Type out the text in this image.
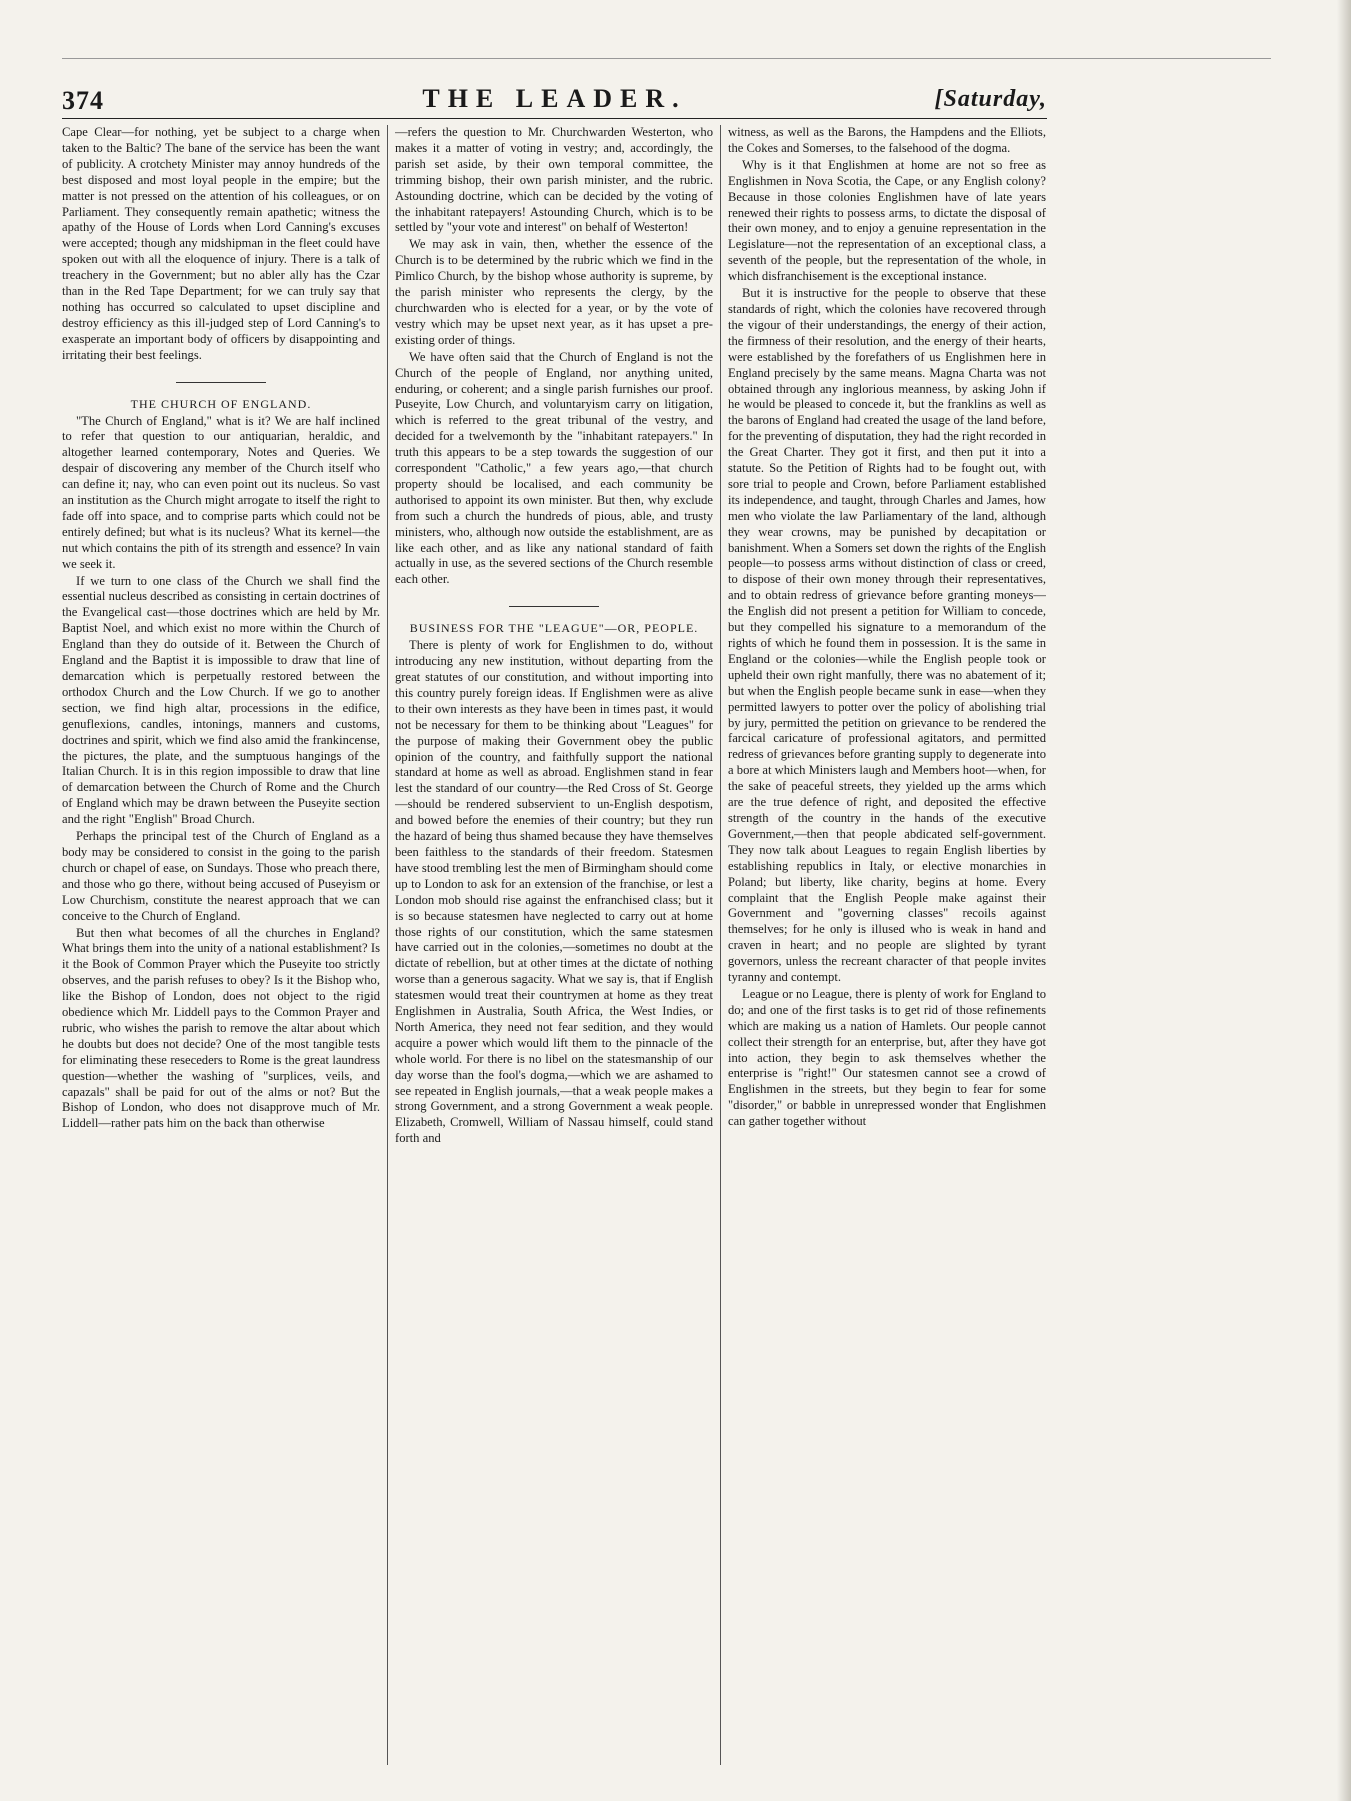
374	THE LEADER.	[Saturday,

Cape Clear—for nothing, yet be subject to a charge when taken to the Baltic? The bane of the service has been the want of publicity. A crotchety Minister may annoy hundreds of the best disposed and most loyal people in the empire; but the matter is not pressed on the attention of his colleagues, or on Parliament. They consequently remain apathetic; witness the apathy of the House of Lords when Lord Canning's excuses were accepted; though any midshipman in the fleet could have spoken out with all the eloquence of injury. There is a talk of treachery in the Government; but no abler ally has the Czar than in the Red Tape Department; for we can truly say that nothing has occurred so calculated to upset discipline and destroy efficiency as this ill-judged step of Lord Canning's to exasperate an important body of officers by disappointing and irritating their best feelings.

THE CHURCH OF ENGLAND.

"The Church of England," what is it? We are half inclined to refer that question to our antiquarian, heraldic, and altogether learned contemporary, Notes and Queries. We despair of discovering any member of the Church itself who can define it; nay, who can even point out its nucleus. So vast an institution as the Church might arrogate to itself the right to fade off into space, and to comprise parts which could not be entirely defined; but what is its nucleus? What its kernel—the nut which contains the pith of its strength and essence? In vain we seek it.

If we turn to one class of the Church we shall find the essential nucleus described as consisting in certain doctrines of the Evangelical cast—those doctrines which are held by Mr. Baptist Noel, and which exist no more within the Church of England than they do outside of it. Between the Church of England and the Baptist it is impossible to draw that line of demarcation which is perpetually restored between the orthodox Church and the Low Church. If we go to another section, we find high altar, processions in the edifice, genuflexions, candles, intonings, manners and customs, doctrines and spirit, which we find also amid the frankincense, the pictures, the plate, and the sumptuous hangings of the Italian Church. It is in this region impossible to draw that line of demarcation between the Church of Rome and the Church of England which may be drawn between the Puseyite section and the right "English" Broad Church.

Perhaps the principal test of the Church of England as a body may be considered to consist in the going to the parish church or chapel of ease, on Sundays. Those who preach there, and those who go there, without being accused of Puseyism or Low Churchism, constitute the nearest approach that we can conceive to the Church of England.

But then what becomes of all the churches in England? What brings them into the unity of a national establishment? Is it the Book of Common Prayer which the Puseyite too strictly observes, and the parish refuses to obey? Is it the Bishop who, like the Bishop of London, does not object to the rigid obedience which Mr. Liddell pays to the Common Prayer and rubric, who wishes the parish to remove the altar about which he doubts but does not decide? One of the most tangible tests for eliminating these reseceders to Rome is the great laundress question—whether the washing of "surplices, veils, and capazals" shall be paid for out of the alms or not? But the Bishop of London, who does not disapprove much of Mr. Liddell—rather pats him on the back than otherwise

—refers the question to Mr. Churchwarden Westerton, who makes it a matter of voting in vestry; and, accordingly, the parish set aside, by their own temporal committee, the trimming bishop, their own parish minister, and the rubric. Astounding doctrine, which can be decided by the voting of the inhabitant ratepayers! Astounding Church, which is to be settled by "your vote and interest" on behalf of Westerton!

We may ask in vain, then, whether the essence of the Church is to be determined by the rubric which we find in the Pimlico Church, by the bishop whose authority is supreme, by the parish minister who represents the clergy, by the churchwarden who is elected for a year, or by the vote of vestry which may be upset next year, as it has upset a pre-existing order of things.

We have often said that the Church of England is not the Church of the people of England, nor anything united, enduring, or coherent; and a single parish furnishes our proof. Puseyite, Low Church, and voluntaryism carry on litigation, which is referred to the great tribunal of the vestry, and decided for a twelvemonth by the "inhabitant ratepayers." In truth this appears to be a step towards the suggestion of our correspondent "Catholic," a few years ago,—that church property should be localised, and each community be authorised to appoint its own minister. But then, why exclude from such a church the hundreds of pious, able, and trusty ministers, who, although now outside the establishment, are as like each other, and as like any national standard of faith actually in use, as the severed sections of the Church resemble each other.

BUSINESS FOR THE "LEAGUE"—OR, PEOPLE.

There is plenty of work for Englishmen to do, without introducing any new institution, without departing from the great statutes of our constitution, and without importing into this country purely foreign ideas. If Englishmen were as alive to their own interests as they have been in times past, it would not be necessary for them to be thinking about "Leagues" for the purpose of making their Government obey the public opinion of the country, and faithfully support the national standard at home as well as abroad. Englishmen stand in fear lest the standard of our country—the Red Cross of St. George—should be rendered subservient to un-English despotism, and bowed before the enemies of their country; but they run the hazard of being thus shamed because they have themselves been faithless to the standards of their freedom. Statesmen have stood trembling lest the men of Birmingham should come up to London to ask for an extension of the franchise, or lest a London mob should rise against the enfranchised class; but it is so because statesmen have neglected to carry out at home those rights of our constitution, which the same statesmen have carried out in the colonies,—sometimes no doubt at the dictate of rebellion, but at other times at the dictate of nothing worse than a generous sagacity. What we say is, that if English statesmen would treat their countrymen at home as they treat Englishmen in Australia, South Africa, the West Indies, or North America, they need not fear sedition, and they would acquire a power which would lift them to the pinnacle of the whole world. For there is no libel on the statesmanship of our day worse than the fool's dogma,—which we are ashamed to see repeated in English journals,—that a weak people makes a strong Government, and a strong Government a weak people. Elizabeth, Cromwell, William of Nassau himself, could stand forth and

witness, as well as the Barons, the Hampdens and the Elliots, the Cokes and Somerses, to the falsehood of the dogma.

Why is it that Englishmen at home are not so free as Englishmen in Nova Scotia, the Cape, or any English colony? Because in those colonies Englishmen have of late years renewed their rights to possess arms, to dictate the disposal of their own money, and to enjoy a genuine representation in the Legislature—not the representation of an exceptional class, a seventh of the people, but the representation of the whole, in which disfranchisement is the exceptional instance.

But it is instructive for the people to observe that these standards of right, which the colonies have recovered through the vigour of their understandings, the energy of their action, the firmness of their resolution, and the energy of their hearts, were established by the forefathers of us Englishmen here in England precisely by the same means. Magna Charta was not obtained through any inglorious meanness, by asking John if he would be pleased to concede it, but the franklins as well as the barons of England had created the usage of the land before, for the preventing of disputation, they had the right recorded in the Great Charter. They got it first, and then put it into a statute. So the Petition of Rights had to be fought out, with sore trial to people and Crown, before Parliament established its independence, and taught, through Charles and James, how men who violate the law Parliamentary of the land, although they wear crowns, may be punished by decapitation or banishment. When a Somers set down the rights of the English people—to possess arms without distinction of class or creed, to dispose of their own money through their representatives, and to obtain redress of grievance before granting moneys—the English did not present a petition for William to concede, but they compelled his signature to a memorandum of the rights of which he found them in possession. It is the same in England or the colonies—while the English people took or upheld their own right manfully, there was no abatement of it; but when the English people became sunk in ease—when they permitted lawyers to potter over the policy of abolishing trial by jury, permitted the petition on grievance to be rendered the farcical caricature of professional agitators, and permitted redress of grievances before granting supply to degenerate into a bore at which Ministers laugh and Members hoot—when, for the sake of peaceful streets, they yielded up the arms which are the true defence of right, and deposited the effective strength of the country in the hands of the executive Government,—then that people abdicated self-government. They now talk about Leagues to regain English liberties by establishing republics in Italy, or elective monarchies in Poland; but liberty, like charity, begins at home. Every complaint that the English People make against their Government and "governing classes" recoils against themselves; for he only is illused who is weak in hand and craven in heart; and no people are slighted by tyrant governors, unless the recreant character of that people invites tyranny and contempt.

League or no League, there is plenty of work for England to do; and one of the first tasks is to get rid of those refinements which are making us a nation of Hamlets. Our people cannot collect their strength for an enterprise, but, after they have got into action, they begin to ask themselves whether the enterprise is "right!" Our statesmen cannot see a crowd of Englishmen in the streets, but they begin to fear for some "disorder," or babble in unrepressed wonder that Englishmen can gather together without
